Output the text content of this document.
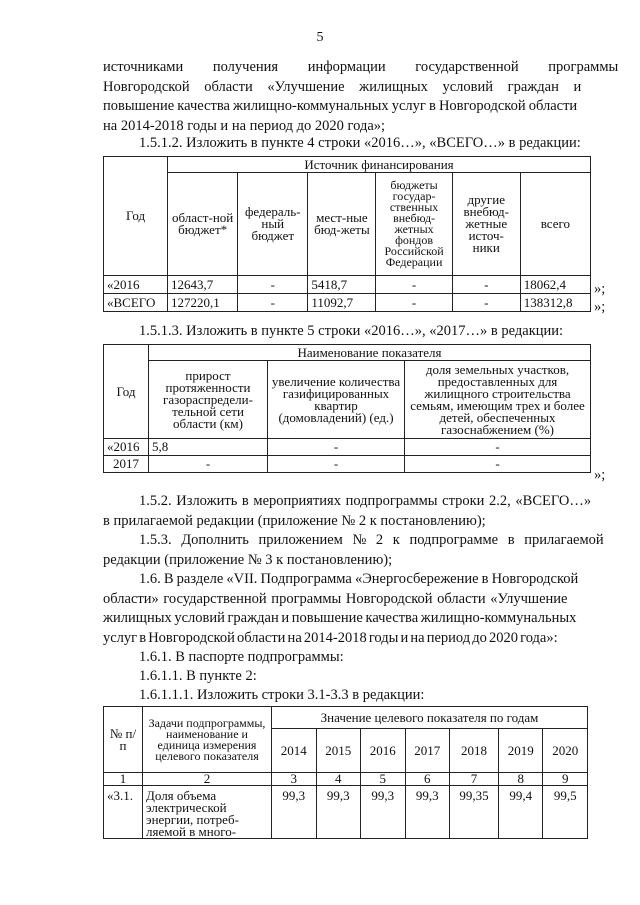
5
источниками получения информации государственной программы
Новгородской области «Улучшение жилищных условий граждан и
повышение качества жилищно-коммунальных услуг в Новгородской области
на 2014-2018 годы и на период до 2020 года»;
1.5.1.2. Изложить в пункте 4 строки «2016…», «ВСЕГО…» в редакции:
Год	Источник финансирования					
	област-ной бюджет*	федераль-ный бюджет	мест-ные бюд-жеты	бюджеты государ-ственных внебюд-жетных фондов Российской Федерации	другие внебюд-жетные источ-ники	всего
«2016	12643,7	-	5418,7	-	-	18062,4
«ВСЕГО	127220,1	-	11092,7	-	-	138312,8
»;
»;
1.5.1.3. Изложить в пункте 5 строки «2016…», «2017…» в редакции:
Год	Наименование показателя		
	прирост протяженности газораспредели-тельной сети области (км)	увеличение количества газифицированных квартир (домовладений) (ед.)	доля земельных участков, предоставленных для жилищного строительства семьям, имеющим трех и более детей, обеспеченных газоснабжением (%)
«2016	5,8	-	-
2017	-	-	-
»;
1.5.2. Изложить в мероприятиях подпрограммы строки 2.2, «ВСЕГО…»
в прилагаемой редакции (приложение № 2 к постановлению);
1.5.3. Дополнить приложением № 2 к подпрограмме в прилагаемой
редакции (приложение № 3 к постановлению);
1.6. В разделе «VII. Подпрограмма «Энергосбережение в Новгородской
области» государственной программы Новгородской области «Улучшение
жилищных условий граждан и повышение качества жилищно-коммунальных
услуг в Новгородской области на 2014-2018 годы и на период до 2020 года»:
1.6.1. В паспорте подпрограммы:
1.6.1.1. В пункте 2:
1.6.1.1.1. Изложить строки 3.1-3.3 в редакции:
№ п/п	Задачи подпрограммы, наименование и единица измерения целевого показателя	Значение целевого показателя по годам						
		2014	2015	2016	2017	2018	2019	2020
1	2	3	4	5	6	7	8	9
«3.1.	Доля объема электрической энергии, потреб-ляемой в много-	99,3	99,3	99,3	99,3	99,35	99,4	99,5
